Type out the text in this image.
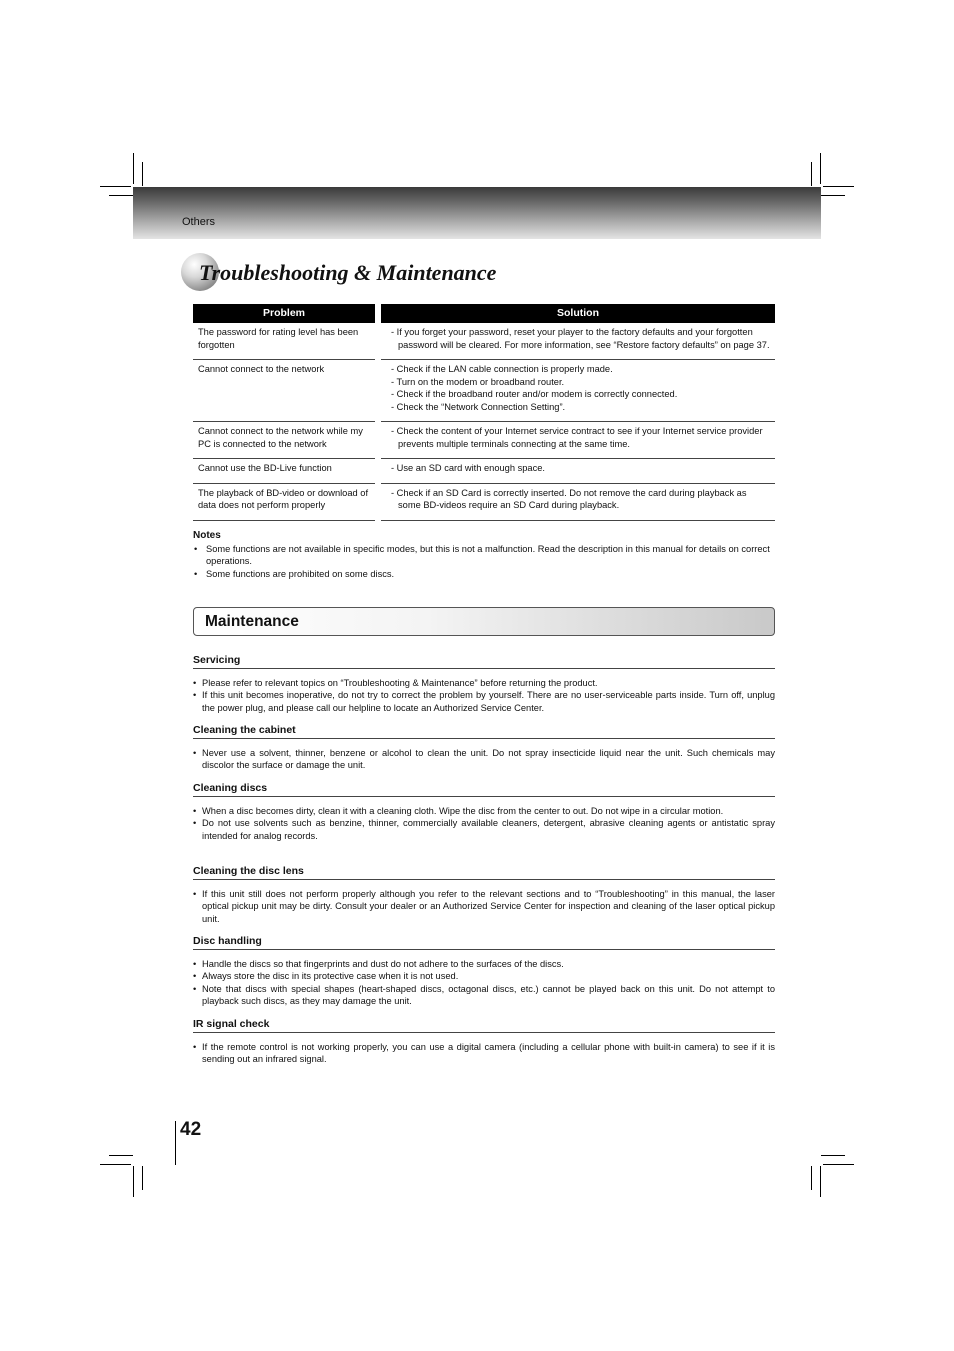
Others
Troubleshooting & Maintenance
Problem		Solution
The password for rating level has been forgotten		- If you forget your password, reset your player to the factory defaults and your forgotten password will be cleared. For more information, see “Restore factory defaults” on page 37.

Cannot connect to the network		- Check if the LAN cable connection is properly made.
- Turn on the modem or broadband router.
- Check if the broadband router and/or modem is correctly connected.
- Check the “Network Connection Setting”.

Cannot connect to the network while my PC is connected to the network		- Check the content of your Internet service contract to see if your Internet service provider prevents multiple terminals connecting at the same time.

Cannot use the BD-Live function		- Use an SD card with enough space.

The playback of BD-video or download of data does not perform properly		- Check if an SD Card is correctly inserted. Do not remove the card during playback as some BD-videos require an SD Card during playback.
Notes
• Some functions are not available in specific modes, but this is not a malfunction. Read the description in this manual for details on correct operations.
• Some functions are prohibited on some discs.
Maintenance
Servicing
• Please refer to relevant topics on “Troubleshooting & Maintenance” before returning the product.
• If this unit becomes inoperative, do not try to correct the problem by yourself. There are no user-serviceable parts inside. Turn off, unplug the power plug, and please call our helpline to locate an Authorized Service Center.
Cleaning the cabinet
• Never use a solvent, thinner, benzene or alcohol to clean the unit. Do not spray insecticide liquid near the unit. Such chemicals may discolor the surface or damage the unit.
Cleaning discs
• When a disc becomes dirty, clean it with a cleaning cloth. Wipe the disc from the center to out. Do not wipe in a circular motion.
• Do not use solvents such as benzine, thinner, commercially available cleaners, detergent, abrasive cleaning agents or antistatic spray intended for analog records.
Cleaning the disc lens
• If this unit still does not perform properly although you refer to the relevant sections and to “Troubleshooting” in this manual, the laser optical pickup unit may be dirty. Consult your dealer or an Authorized Service Center for inspection and cleaning of the laser optical pickup unit.
Disc handling
• Handle the discs so that fingerprints and dust do not adhere to the surfaces of the discs.
• Always store the disc in its protective case when it is not used.
• Note that discs with special shapes (heart-shaped discs, octagonal discs, etc.) cannot be played back on this unit. Do not attempt to playback such discs, as they may damage the unit.
IR signal check
• If the remote control is not working properly, you can use a digital camera (including a cellular phone with built-in camera) to see if it is sending out an infrared signal.
42
